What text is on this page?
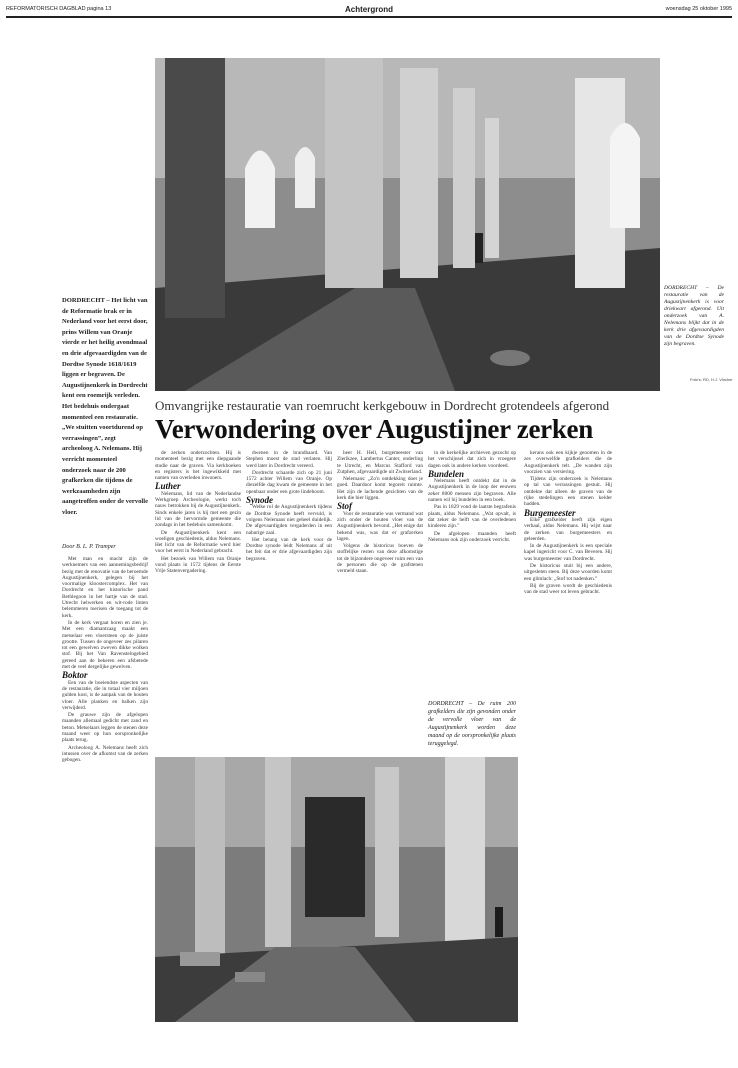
REFORMATORISCH DAGBLAD pagina 13	Achtergrond	woensdag 25 oktober 1995
DORDRECHT – De restauratie van de Augustijnenkerk is voor driekwart afgerond. Uit onderzoek van A. Nelemans blijkt dat in de kerk drie afgevaardigden van de Dordtse Synode zijn begraven.
Foto's: RD, H.J. Vincher
DORDRECHT – Het licht van de Reformatie brak er in Nederland voor het eerst door, prins Willem van Oranje vierde er het heilig avondmaal en drie afgevaardigden van de Dordtse Synode 1618/1619 liggen er begraven. De Augustijnenkerk in Dordrecht kent een roemrijk verleden. Het bedehuis ondergaat momenteel een restauratie. „We stuitten voortdurend op verrassingen”, zegt archeoloog A. Nelemans. Hij verricht momenteel onderzoek naar de 200 grafkerken die tijdens de werkzaamheden zijn aangetroffen onder de vervolle vloer.
Door B. L. P. Tramper
Omvangrijke restauratie van roemrucht kerkgebouw in Dordrecht grotendeels afgerond
Verwondering over Augustijner zerken

Met man en macht zijn de werknemers van een aannemingsbedrijf bezig met de renovatie van de beroemde Augustijnenkerk, gelegen bij het voormalige kloostercomplex. Het van Dordrecht en het historische pand Bethlegoon in het hartje van de stad. Utrecht helwerken en wit-rode linten belemmeren toerisen de toegang tot de kerk.

In de kerk vergaat horen en zien je. Met een diamantzaag maakt een metselaar een vloersteen op de juiste grootte. Tussen de ongeveer zes pilaren tot een gewelven zweven dikke wolken stof. Bij het Van Ravensteingebied gereed aan de bekeren een afsbetede met de veel dergelijke gewelven.

Boktor

Een van de boeiendste aspecten van de restauratie, die in totaal vier miljoen gulden kost, is de aanpak van de houten vloer. Alle planken en balken zijn verwijderd.

De grauwe zijn de afgelopen maanden allemaal gedicht met zand en beton. Metselaars leggen de stenen deze maand weer op hun oorspronkelijke plaats terug.

Archeoloog A. Nelemans heeft zich intussen over de afkomst van de zerken gebogen.

de zerken onderzochten. Hij is momenteel bezig met een diepgaande studie naar de graven. Via kerkboeken en registers is het ingewikkeld met namen van overleden inwoners.

Luther

Nelemans, lid van de Nederlandse Werkgroep Archeologie, werkt toch nauw betrokken bij de Augustijnenkerk. Sinds enkele jaren is hij met een gezin lid van de hervormde gemeente die zondags in het bedehuis samenkomt.

De Augustijnenkerk kent een woeligen geschiedenis, aldus Nelemans. Het licht van de Reformatie werd hier voor het eerst in Nederland gebracht.

Het bezoek van Willem van Oranje vond plaats in 1572 tijdens de Eerste Vrije Statenvergadering.

dwenen in de brandhaard. Van Stephen moest de stad verlaten. Hij werd later in Dordrecht vereerd.

Dordrecht schaarde zich op 21 juni 1572 achter Willem van Oranje. Op diezelfde dag kwam de gemeente in het openbaar onder een grote lindeboom.

Synode

Welke rol de Augustijnenkerk tijdens de Dordtse Synode heeft vervuld, is volgens Nelemans niet geheel duidelijk. De afgevaardigden vergaderden in een naburige zaal.

Het belang van de kerk voor de Dordtse synode leidt Nelemans af uit het feit dat er drie afgevaardigden zijn begraven.

heer H. Hell, burgemeester van Zierikzee, Lambertus Canter, onderling te Utrecht, en Marcus Stafford van Zutphen, afgevaardigde uit Zwitserland.

Nelemans: „Zo'n ontdekking doet je goed. Daardoor komt tegoreit ruimte. Het zijn de lachende gezichten van de kerk die hier liggen.

Stof

Voor de restauratie was vermand wat zich onder de houten vloer van de Augustijnenkerk bevond. „Het enige dat bekend was, was dat er grafzerken lagen.

Volgens de historicus boeven de stoffelijke resten van deze afkomstige tot de bijzondere ongeveer ruim een van de personen die op de grafstenen vermeld staan.

in de kerkelijke archieven gezocht op het verschijnsel dat zich in vroegere dagen ook in andere kerken voordeed.

Bundelen

Nelemans heeft ontdekt dat in de Augustijnenkerk in de loop der eeuwen zeker 8000 mensen zijn begraven. Alle namen wil hij bundelen in een boek.

Pas in 1829 vond de laatste begrafenis plaats, aldus Nelemans. „Wat opvalt, is dat zeker de helft van de overledenen kinderen zijn.”

De afgelopen maanden heeft Nelemans ook zijn onderzoek verricht.

DORDRECHT – De ruim 200 grafkelders die zijn gevonden onder de vervolle vloer van de Augustijnenkerk worden deze maand op de oorspronkelijke plaats teruggelegd.

kerans ook een kijkje genomen in de zes overwelfde grafkelders die de Augustijnenkerk telt. „De wanden zijn voorzien van versiering.

Tijdens zijn onderzoek is Nelemans op tal van verrassingen gestuit. Hij ontdekte dat alleen de graven van de rijke stedelingen een stenen kelder hadden.

Burgemeester

Elke grafkelder heeft zijn eigen verhaal, aldus Nelemans. Hij wijst naar de zerken van burgemeesters en geleerden.

In de Augustijnenkerk is een speciale kapel ingericht voor C. van Beveren. Hij was burgemeester van Dordrecht.

De historicus stuit bij een andere, uitgesleten steen. Bij deze woorden komt een glimlach: „Stof tot nadenken.”

Bij de graven wordt de geschiedenis van de stad weer tot leven gebracht.
